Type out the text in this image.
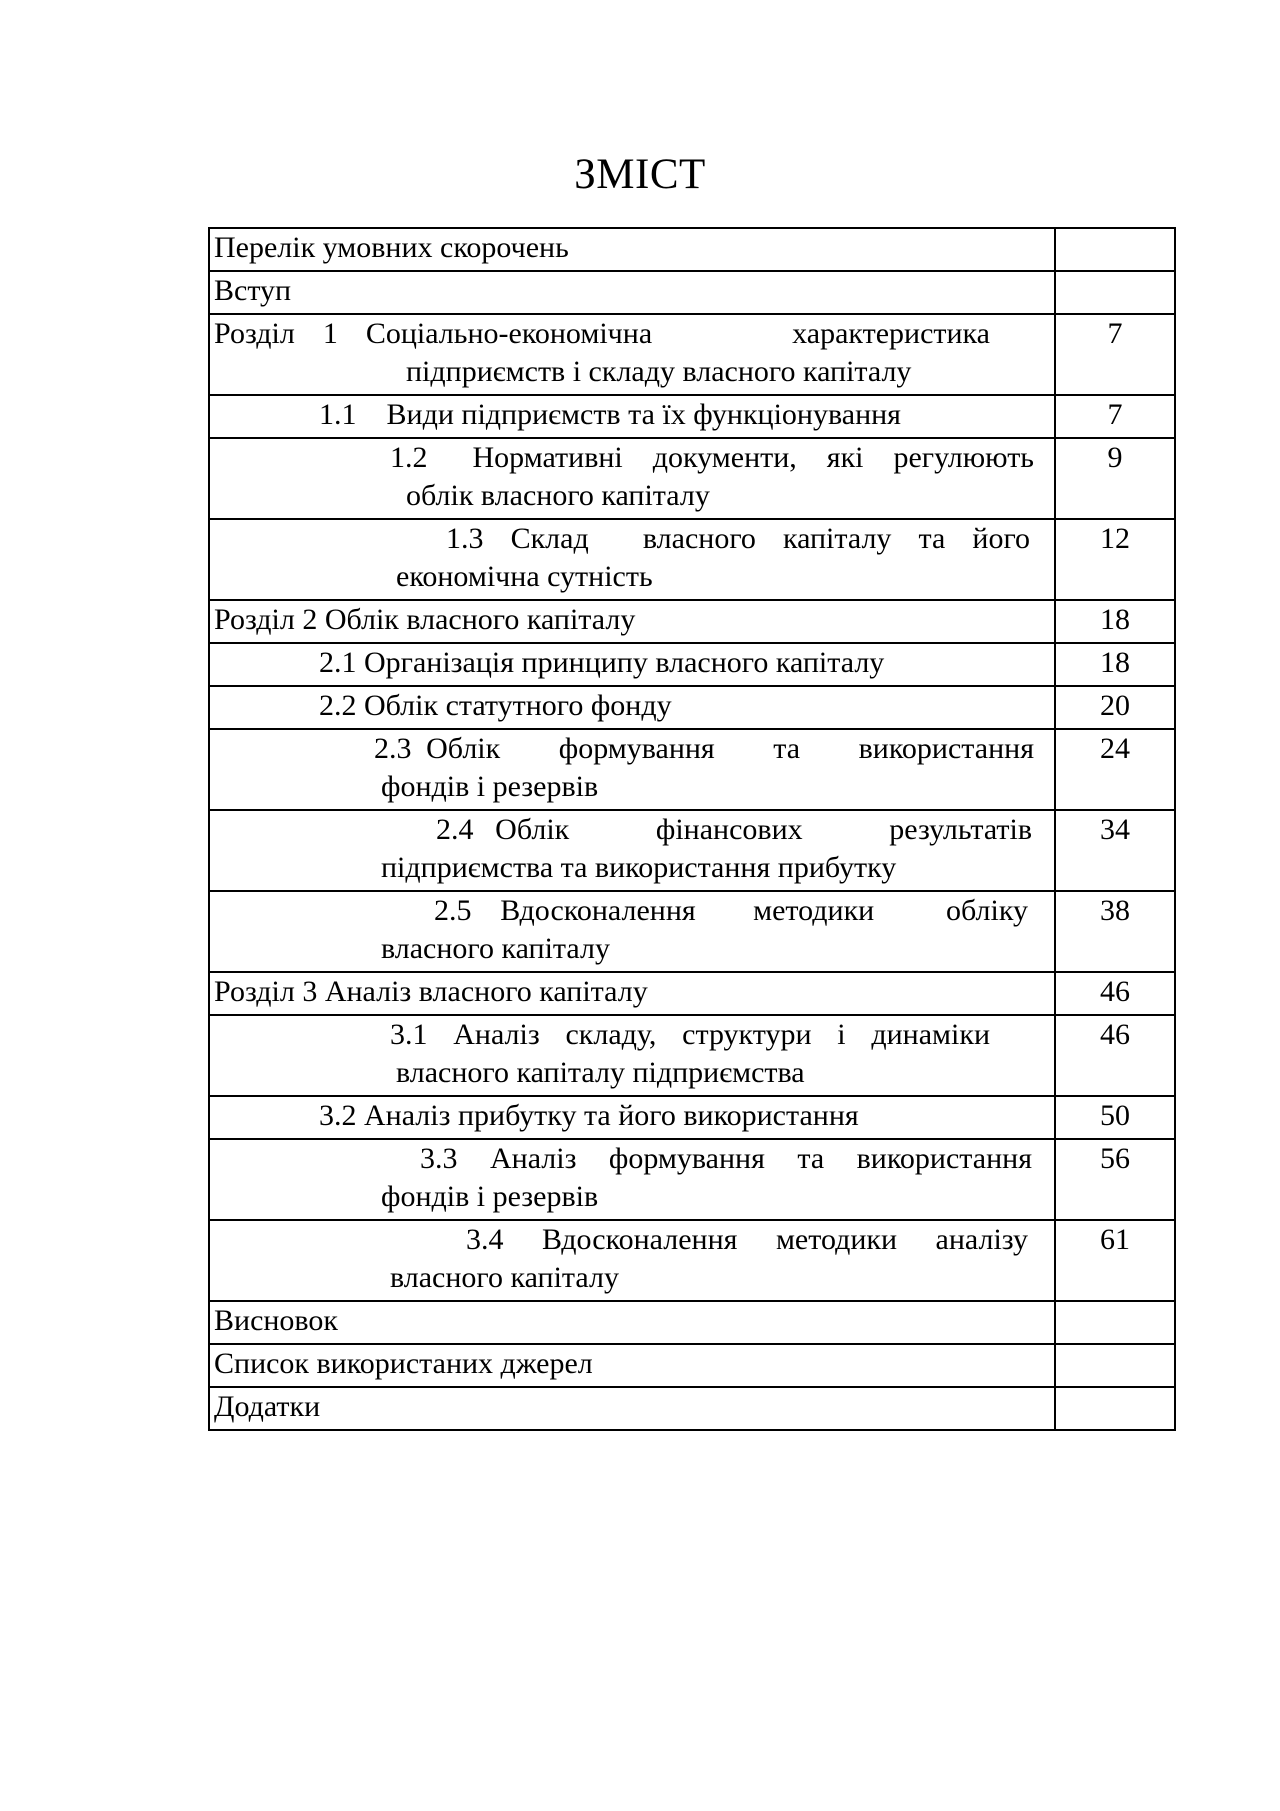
ЗМІСТ
Перелік умовних скорочень	

Вступ	

Розділ  1  Соціально-економічна          характеристика
підприємств і складу власного капіталу	7

1.1    Види підприємств та їх функціонування	7

1.2   Нормативні  документи,  які  регулюють
облік власного капіталу	9

1.3  Склад    власного  капіталу  та  його
економічна сутність	12

Розділ 2 Облік власного капіталу	18

2.1 Організація принципу власного капіталу	18

2.2 Облік статутного фонду	20

2.3 Облік    формування    та    використання
фондів і резервів	24

2.4  Облік        фінансових        результатів
підприємства та використання прибутку	34

2.5  Вдосконалення    методики     обліку
власного капіталу	38

Розділ 3 Аналіз власного капіталу	46

3.1  Аналіз  складу,  структури  і  динаміки
власного капіталу підприємства	46

3.2 Аналіз прибутку та його використання	50

3.3  Аналіз  формування  та  використання
фондів і резервів	56

3.4  Вдосконалення  методики  аналізу
власного капіталу	61

Висновок	

Список використаних джерел	

Додатки	
